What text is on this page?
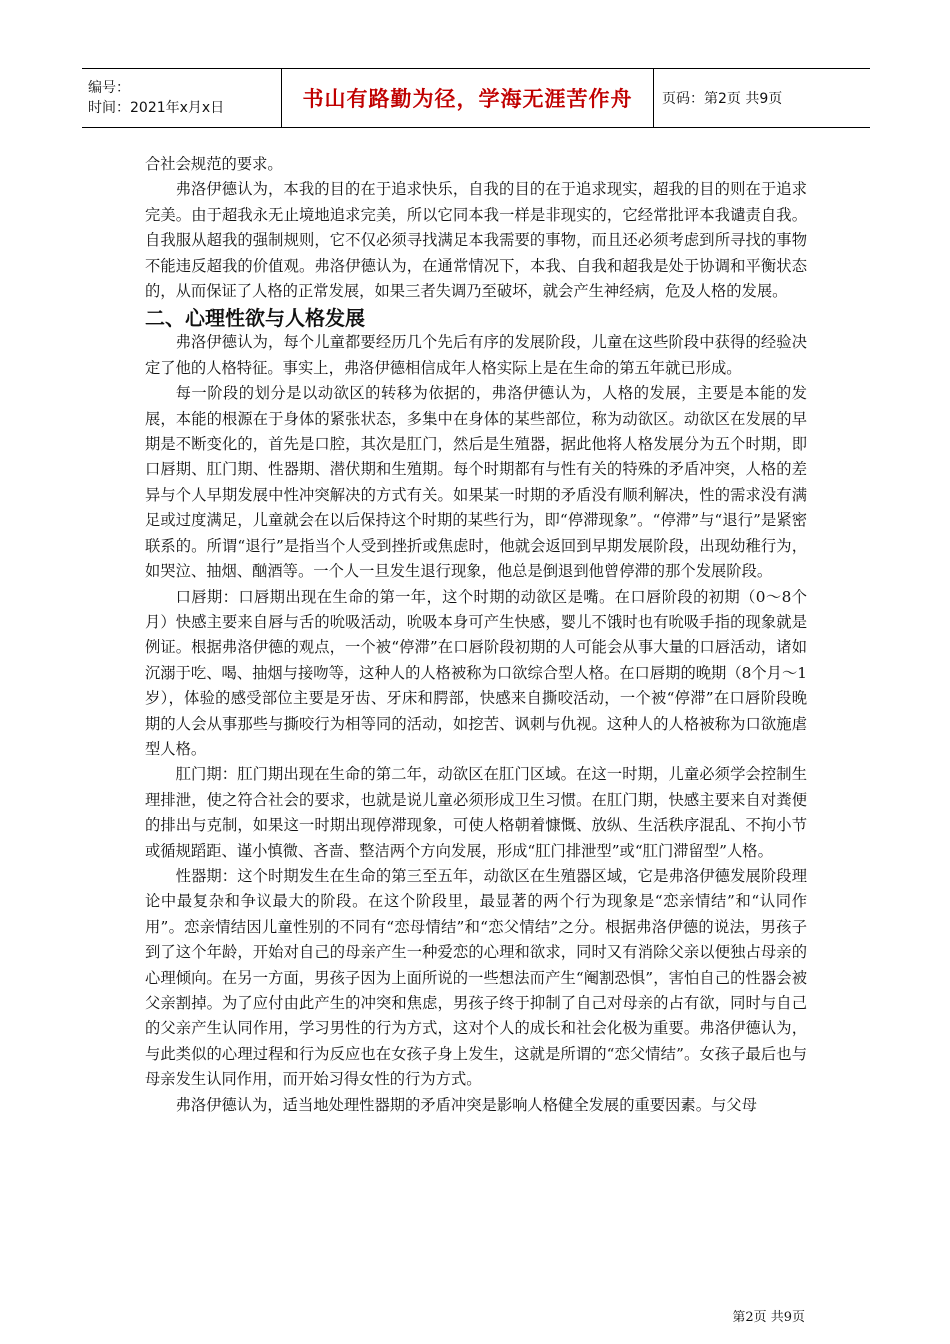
编号：
时间：2021年x月x日	书山有路勤为径，学海无涯苦作舟	页码：第2页 共9页

合社会规范的要求。

弗洛伊德认为，本我的目的在于追求快乐，自我的目的在于追求现实，超我的目的则在于追求完美。由于超我永无止境地追求完美，所以它同本我一样是非现实的，它经常批评本我谴责自我。自我服从超我的强制规则，它不仅必须寻找满足本我需要的事物，而且还必须考虑到所寻找的事物不能违反超我的价值观。弗洛伊德认为，在通常情况下，本我、自我和超我是处于协调和平衡状态的，从而保证了人格的正常发展，如果三者失调乃至破坏，就会产生神经病，危及人格的发展。

二、心理性欲与人格发展

弗洛伊德认为，每个儿童都要经历几个先后有序的发展阶段，儿童在这些阶段中获得的经验决定了他的人格特征。事实上，弗洛伊德相信成年人格实际上是在生命的第五年就已形成。

每一阶段的划分是以动欲区的转移为依据的，弗洛伊德认为，人格的发展，主要是本能的发展，本能的根源在于身体的紧张状态，多集中在身体的某些部位，称为动欲区。动欲区在发展的早期是不断变化的，首先是口腔，其次是肛门，然后是生殖器，据此他将人格发展分为五个时期，即口唇期、肛门期、性器期、潜伏期和生殖期。每个时期都有与性有关的特殊的矛盾冲突，人格的差异与个人早期发展中性冲突解决的方式有关。如果某一时期的矛盾没有顺利解决，性的需求没有满足或过度满足，儿童就会在以后保持这个时期的某些行为，即“停滞现象”。“停滞”与“退行”是紧密联系的。所谓“退行”是指当个人受到挫折或焦虑时，他就会返回到早期发展阶段，出现幼稚行为，如哭泣、抽烟、酗酒等。一个人一旦发生退行现象，他总是倒退到他曾停滞的那个发展阶段。

口唇期：口唇期出现在生命的第一年，这个时期的动欲区是嘴。在口唇阶段的初期（0～8个月）快感主要来自唇与舌的吮吸活动，吮吸本身可产生快感，婴儿不饿时也有吮吸手指的现象就是例证。根据弗洛伊德的观点，一个被“停滞”在口唇阶段初期的人可能会从事大量的口唇活动，诸如沉溺于吃、喝、抽烟与接吻等，这种人的人格被称为口欲综合型人格。在口唇期的晚期（8个月～1岁），体验的感受部位主要是牙齿、牙床和腭部，快感来自撕咬活动，一个被“停滞”在口唇阶段晚期的人会从事那些与撕咬行为相等同的活动，如挖苦、讽刺与仇视。这种人的人格被称为口欲施虐型人格。

肛门期：肛门期出现在生命的第二年，动欲区在肛门区域。在这一时期，儿童必须学会控制生理排泄，使之符合社会的要求，也就是说儿童必须形成卫生习惯。在肛门期，快感主要来自对粪便的排出与克制，如果这一时期出现停滞现象，可使人格朝着慷慨、放纵、生活秩序混乱、不拘小节或循规蹈距、谨小慎微、吝啬、整洁两个方向发展，形成“肛门排泄型”或“肛门滞留型”人格。

性器期：这个时期发生在生命的第三至五年，动欲区在生殖器区域，它是弗洛伊德发展阶段理论中最复杂和争议最大的阶段。在这个阶段里，最显著的两个行为现象是“恋亲情结”和“认同作用”。恋亲情结因儿童性别的不同有“恋母情结”和“恋父情结”之分。根据弗洛伊德的说法，男孩子到了这个年龄，开始对自己的母亲产生一种爱恋的心理和欲求，同时又有消除父亲以便独占母亲的心理倾向。在另一方面，男孩子因为上面所说的一些想法而产生“阉割恐惧”，害怕自己的性器会被父亲割掉。为了应付由此产生的冲突和焦虑，男孩子终于抑制了自己对母亲的占有欲，同时与自己的父亲产生认同作用，学习男性的行为方式，这对个人的成长和社会化极为重要。弗洛伊德认为，与此类似的心理过程和行为反应也在女孩子身上发生，这就是所谓的“恋父情结”。女孩子最后也与母亲发生认同作用，而开始习得女性的行为方式。

弗洛伊德认为，适当地处理性器期的矛盾冲突是影响人格健全发展的重要因素。与父母

第2页 共9页
